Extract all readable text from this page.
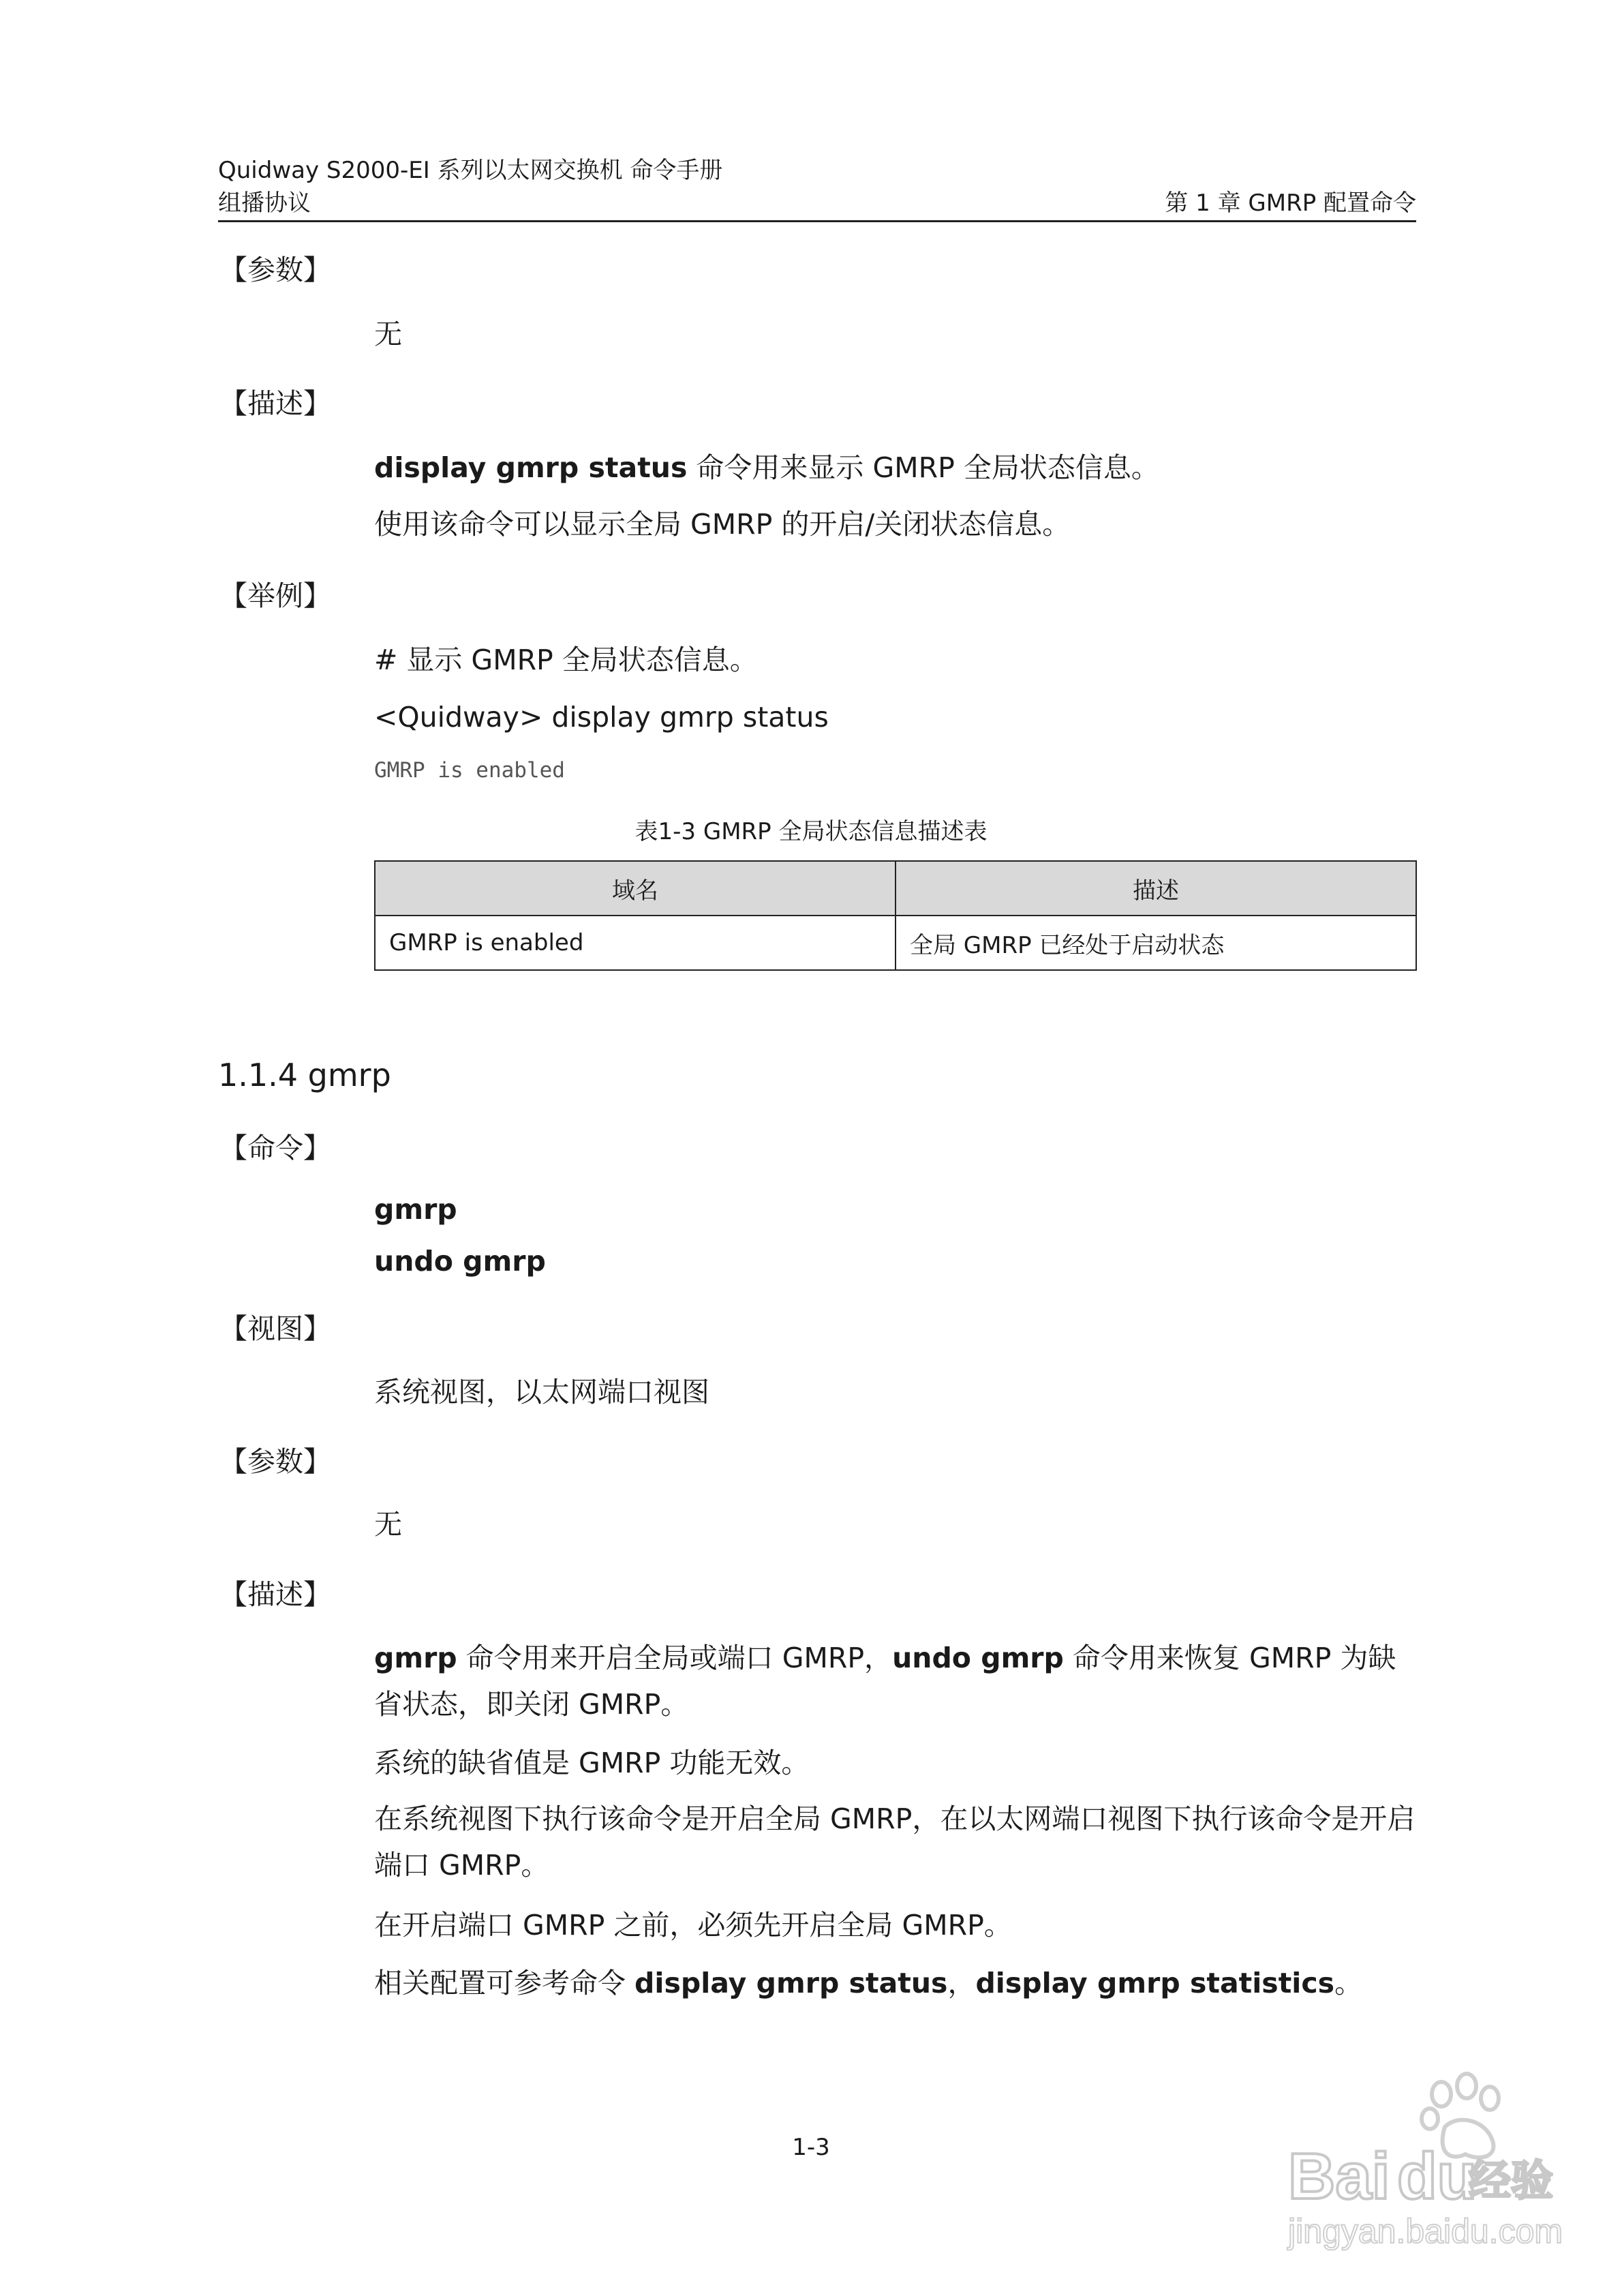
Quidway S2000-EI 系列以太网交换机 命令手册
组播协议	第 1 章 GMRP 配置命令
【参数】
无
【描述】
display gmrp status 命令用来显示 GMRP 全局状态信息。
使用该命令可以显示全局 GMRP 的开启/关闭状态信息。
【举例】
# 显示 GMRP 全局状态信息。
<Quidway> display gmrp status
GMRP is enabled
表1-3 GMRP 全局状态信息描述表
域名	描述
GMRP is enabled	全局 GMRP 已经处于启动状态
1.1.4 gmrp
【命令】
gmrp
undo gmrp
【视图】
系统视图，以太网端口视图
【参数】
无
【描述】
gmrp 命令用来开启全局或端口 GMRP，undo gmrp 命令用来恢复 GMRP 为缺省状态，即关闭 GMRP。
系统的缺省值是 GMRP 功能无效。
在系统视图下执行该命令是开启全局 GMRP，在以太网端口视图下执行该命令是开启端口 GMRP。
在开启端口 GMRP 之前，必须先开启全局 GMRP。
相关配置可参考命令 display gmrp status，display gmrp statistics。
1-3	Bai du
经验
jingyan.baidu.com
